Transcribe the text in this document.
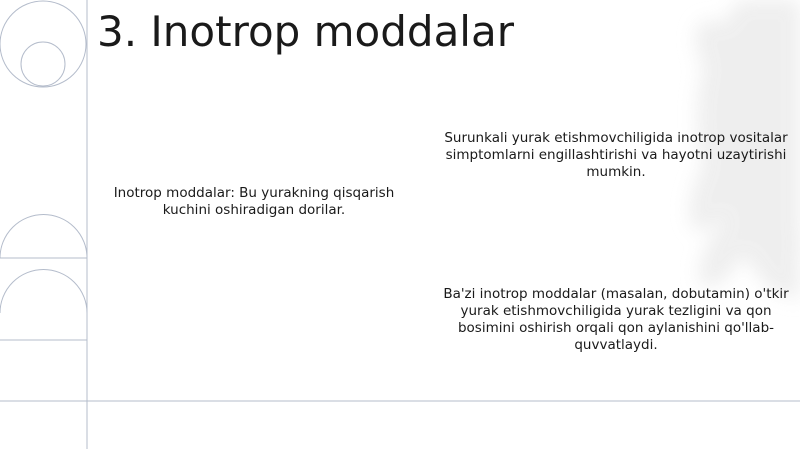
3. Inotrop moddalar

Inotrop moddalar: Bu yurakning qisqarish kuchini oshiradigan dorilar.

Surunkali yurak etishmovchiligida inotrop vositalar simptomlarni engillashtirishi va hayotni uzaytirishi mumkin.

Ba'zi inotrop moddalar (masalan, dobutamin) o'tkir yurak etishmovchiligida yurak tezligini va qon bosimini oshirish orqali qon aylanishini qo'llab-quvvatlaydi.
